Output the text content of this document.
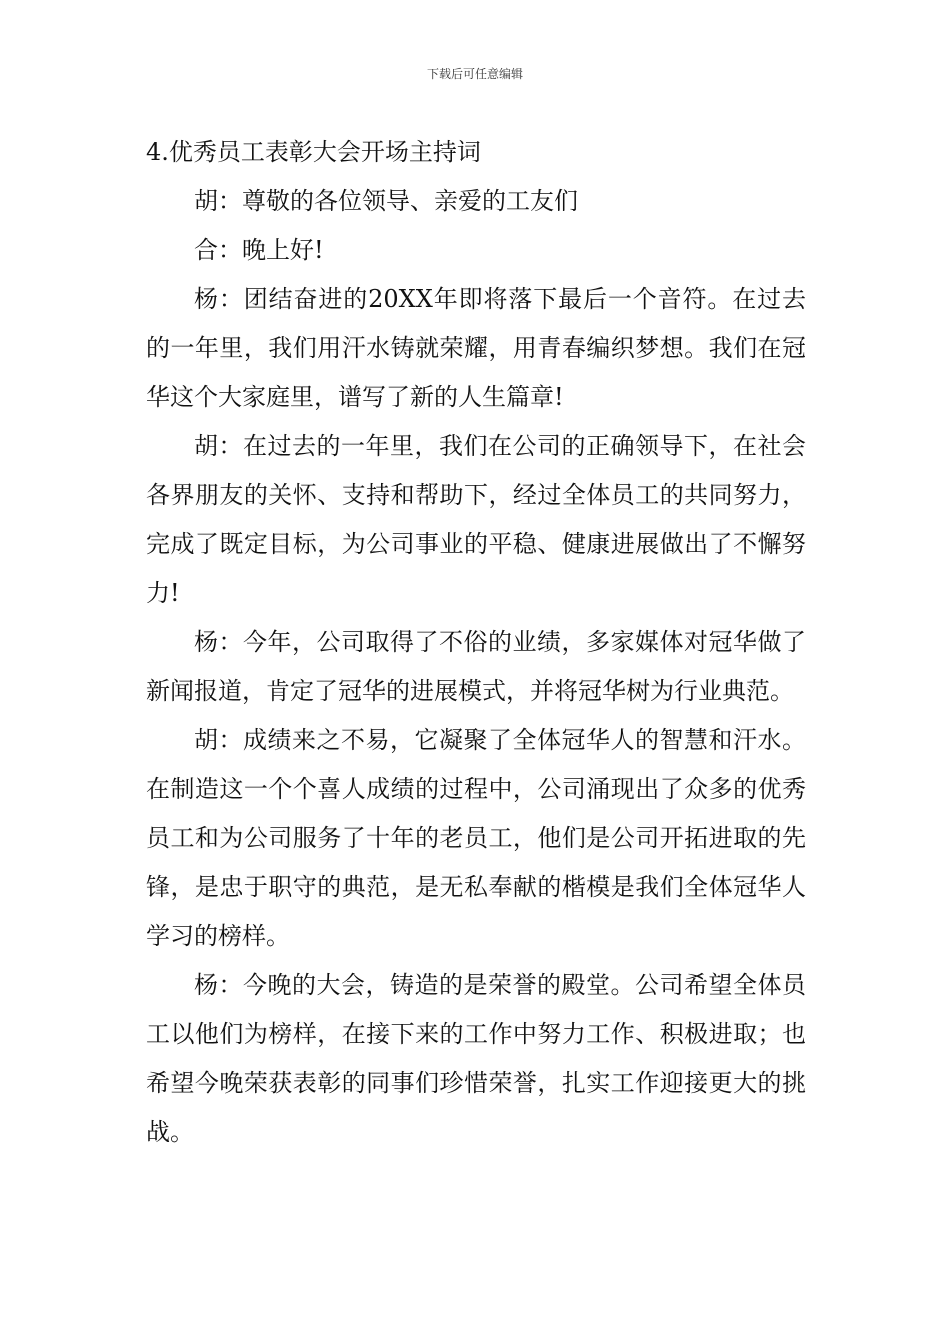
下载后可任意编辑
4.优秀员工表彰大会开场主持词

胡：尊敬的各位领导、亲爱的工友们

合：晚上好!

杨：团结奋进的20XX年即将落下最后一个音符。在过去的一年里，我们用汗水铸就荣耀，用青春编织梦想。我们在冠华这个大家庭里，谱写了新的人生篇章!

胡：在过去的一年里，我们在公司的正确领导下，在社会各界朋友的关怀、支持和帮助下，经过全体员工的共同努力，完成了既定目标，为公司事业的平稳、健康进展做出了不懈努力!

杨：今年，公司取得了不俗的业绩，多家媒体对冠华做了新闻报道，肯定了冠华的进展模式，并将冠华树为行业典范。

胡：成绩来之不易，它凝聚了全体冠华人的智慧和汗水。在制造这一个个喜人成绩的过程中，公司涌现出了众多的优秀员工和为公司服务了十年的老员工，他们是公司开拓进取的先锋，是忠于职守的典范，是无私奉献的楷模是我们全体冠华人学习的榜样。

杨：今晚的大会，铸造的是荣誉的殿堂。公司希望全体员工以他们为榜样，在接下来的工作中努力工作、积极进取；也希望今晚荣获表彰的同事们珍惜荣誉，扎实工作迎接更大的挑战。
